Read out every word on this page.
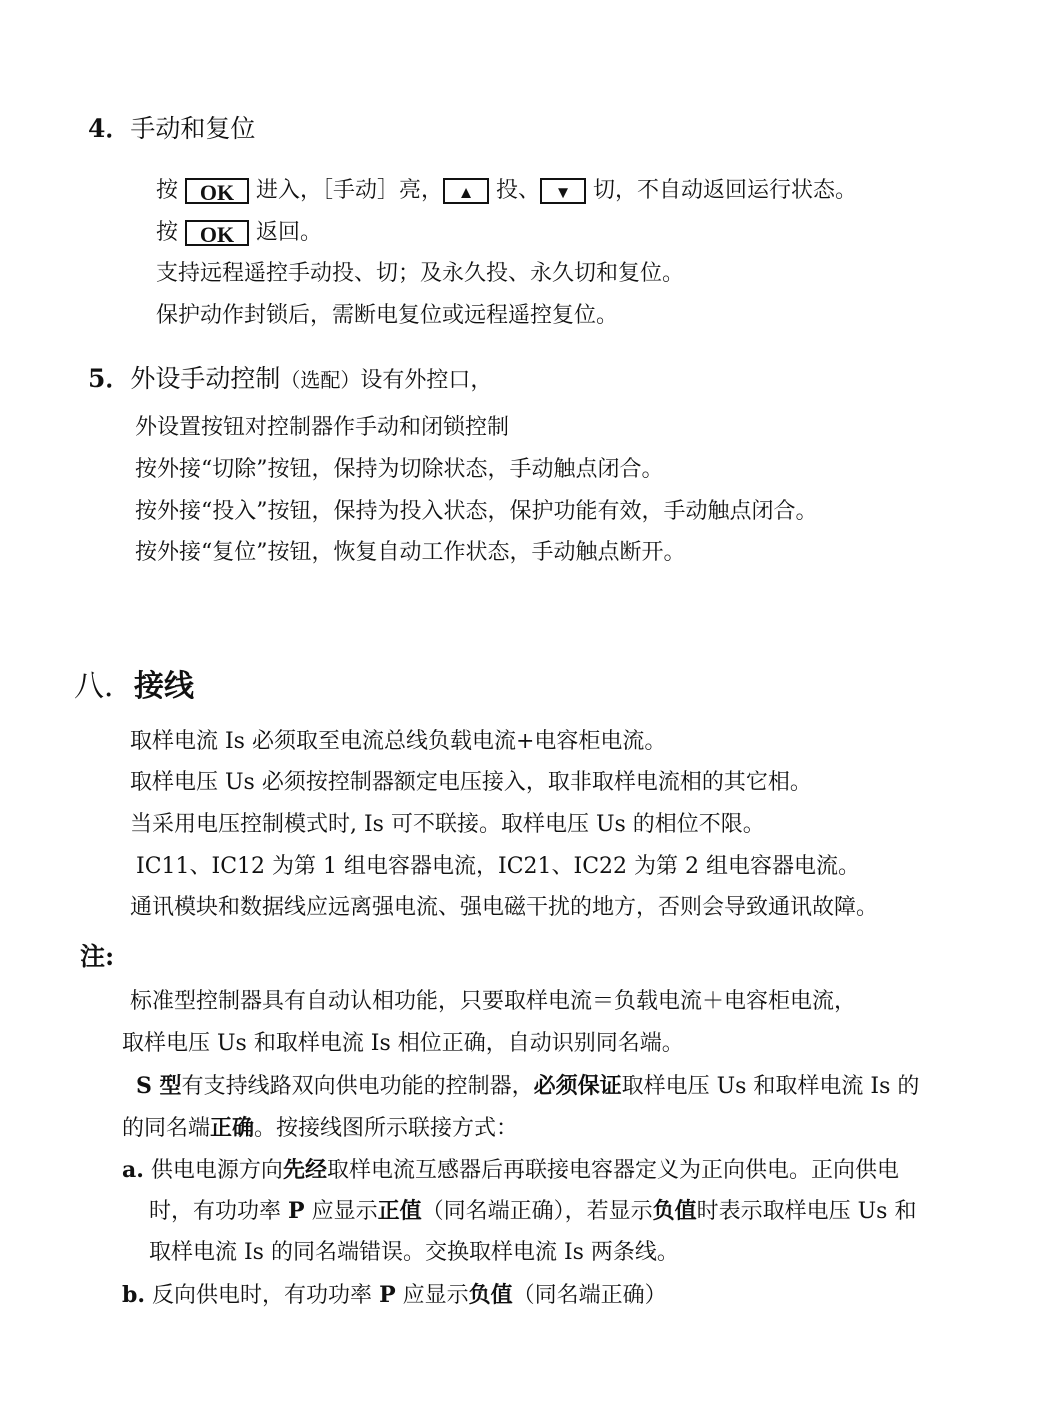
4．手动和复位
按 OK 进入，［手动］亮， ▲ 投、 ▼ 切，不自动返回运行状态。
按 OK 返回。
支持远程遥控手动投、切；及永久投、永久切和复位。
保护动作封锁后，需断电复位或远程遥控复位。
5．外设手动控制（选配）设有外控口，
外设置按钮对控制器作手动和闭锁控制
按外接“切除”按钮，保持为切除状态，手动触点闭合。
按外接“投入”按钮，保持为投入状态，保护功能有效，手动触点闭合。
按外接“复位”按钮，恢复自动工作状态，手动触点断开。
八．接线
取样电流 Is 必须取至电流总线负载电流+电容柜电流。
取样电压 Us 必须按控制器额定电压接入，取非取样电流相的其它相。
当采用电压控制模式时, Is 可不联接。取样电压 Us 的相位不限。
IC11、IC12 为第 1 组电容器电流，IC21、IC22 为第 2 组电容器电流。
通讯模块和数据线应远离强电流、强电磁干扰的地方，否则会导致通讯故障。
注:
标准型控制器具有自动认相功能，只要取样电流＝负载电流＋电容柜电流，
取样电压 Us 和取样电流 Is 相位正确，自动识别同名端。
S 型有支持线路双向供电功能的控制器，必须保证取样电压 Us 和取样电流 Is 的
的同名端正确。按接线图所示联接方式：
a. 供电电源方向先经取样电流互感器后再联接电容器定义为正向供电。正向供电
时，有功功率 P 应显示正值（同名端正确），若显示负值时表示取样电压 Us 和
取样电流 Is 的同名端错误。交换取样电流 Is 两条线。
b. 反向供电时，有功功率 P 应显示负值（同名端正确）
